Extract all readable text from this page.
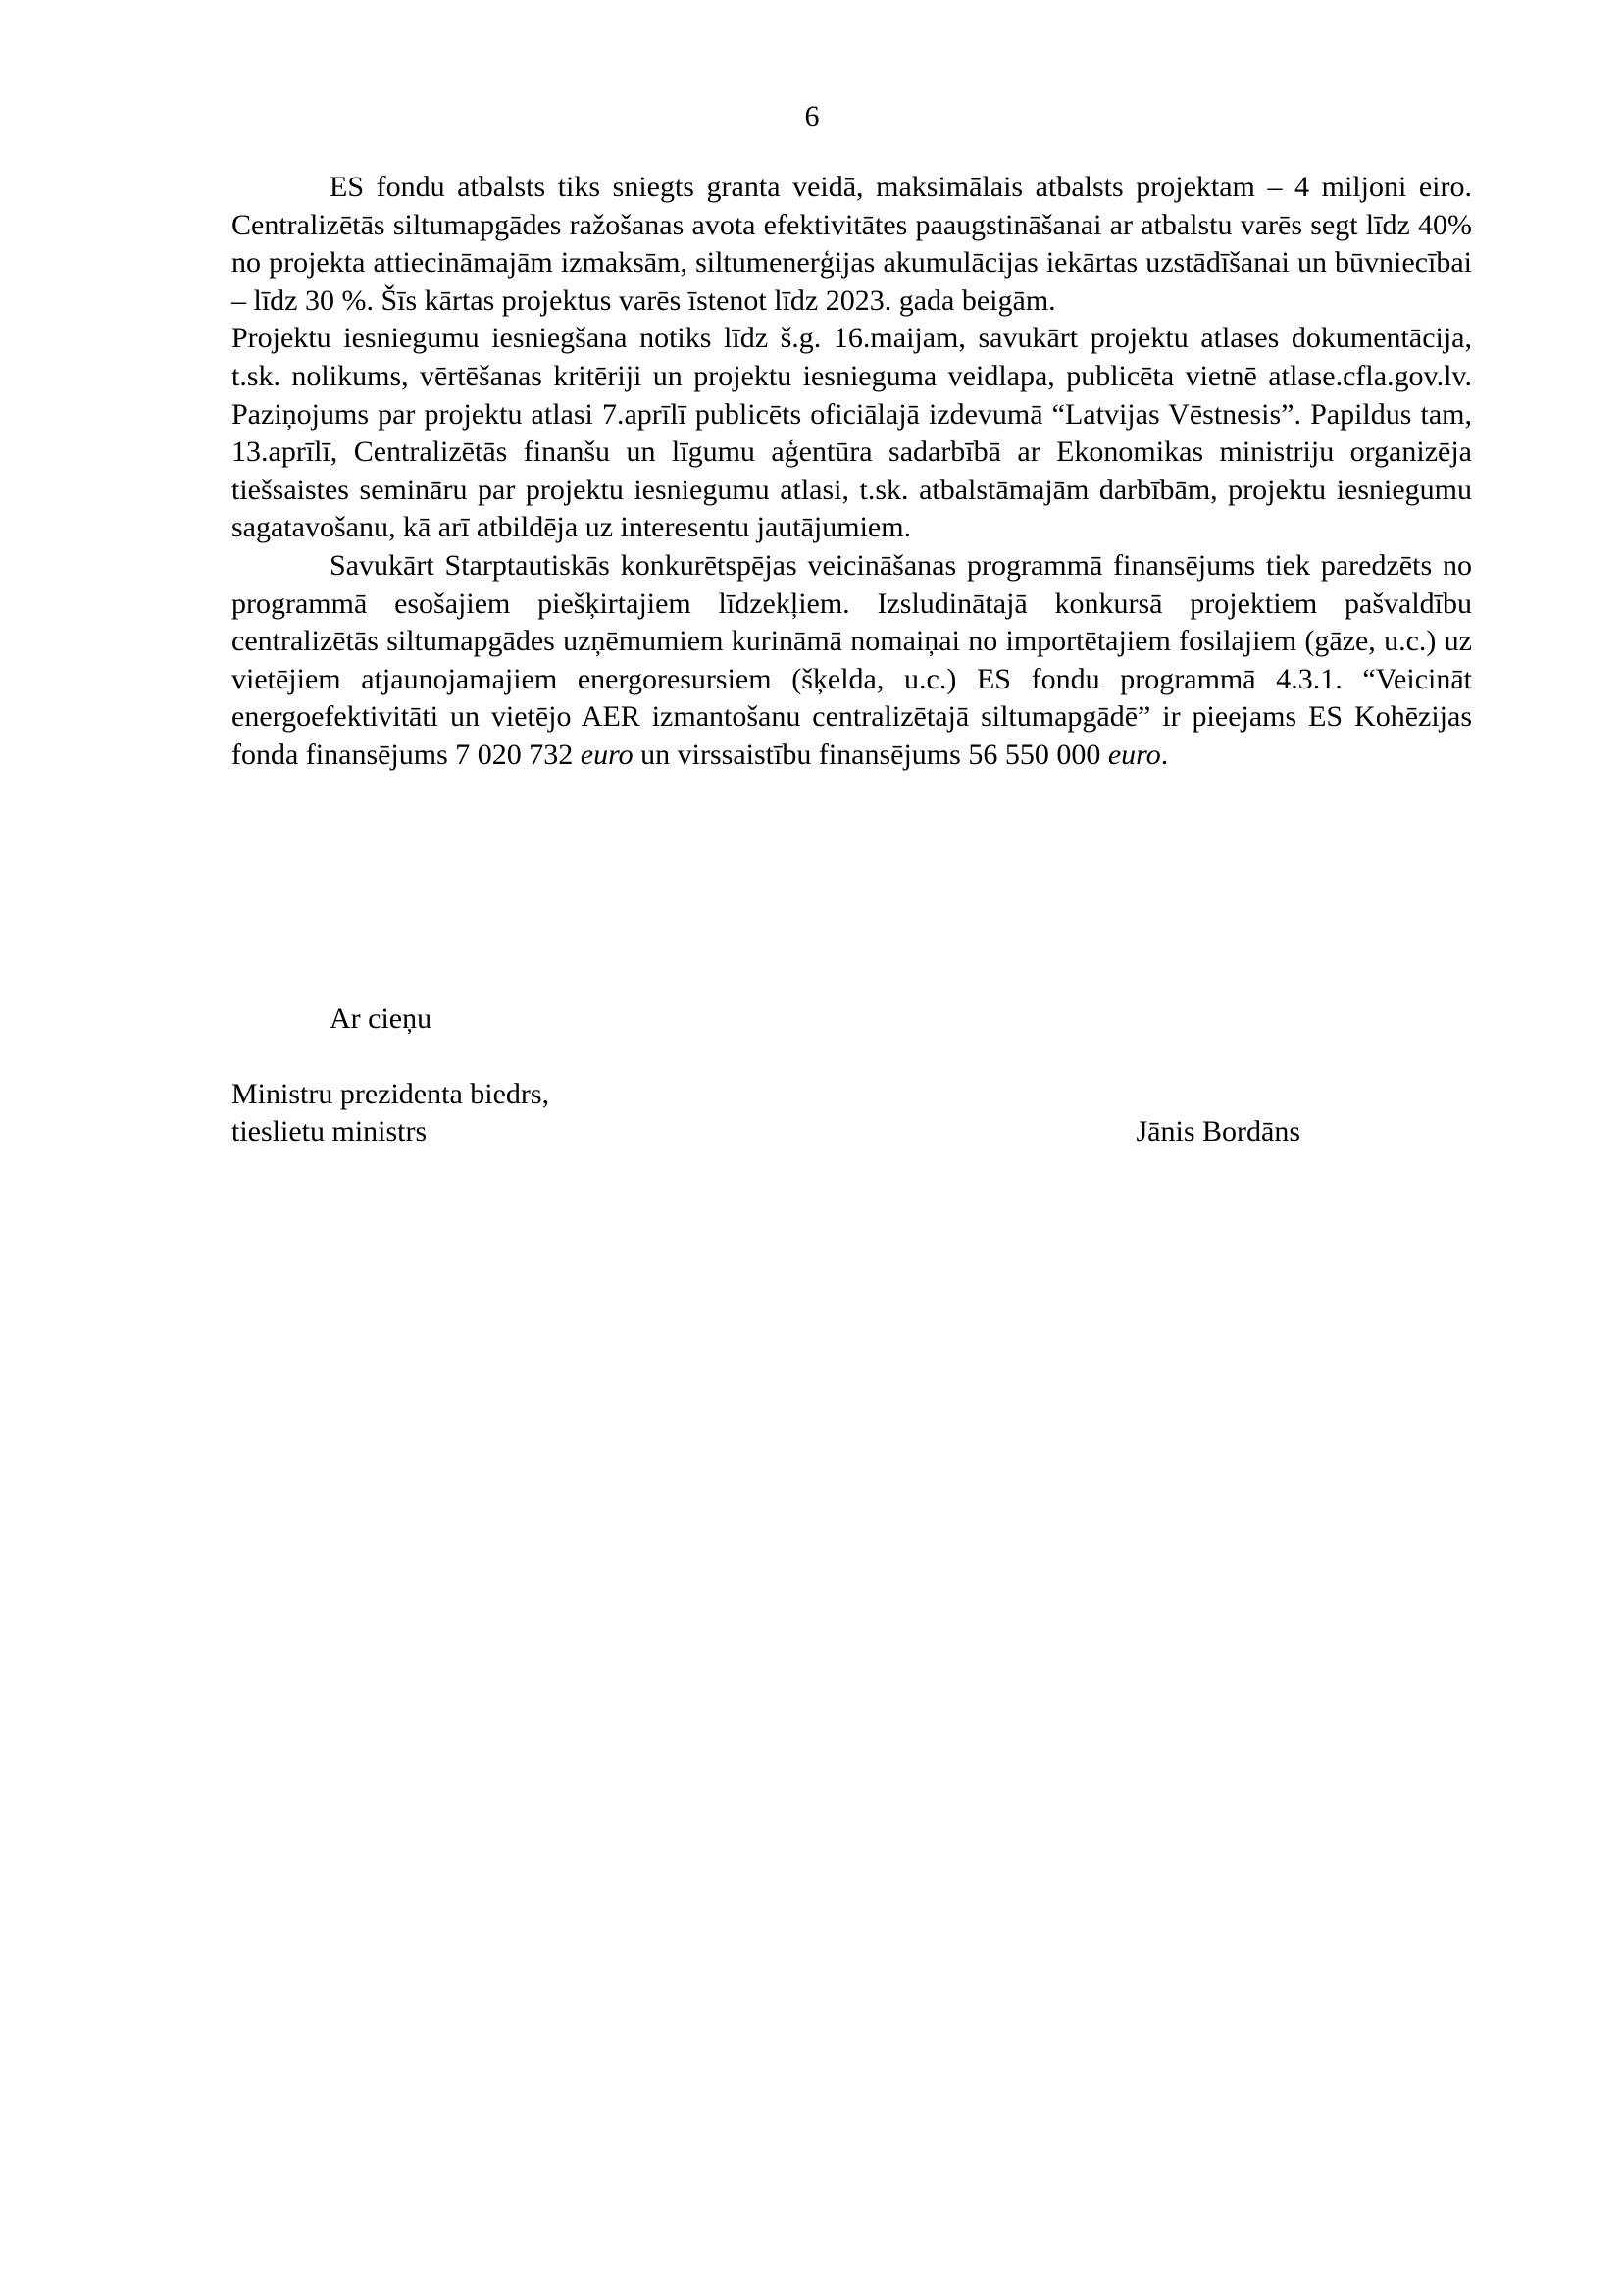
6

ES fondu atbalsts tiks sniegts granta veidā, maksimālais atbalsts projektam – 4 miljoni eiro. Centralizētās siltumapgādes ražošanas avota efektivitātes paaugstināšanai ar atbalstu varēs segt līdz 40% no projekta attiecināmajām izmaksām, siltumenerģijas akumulācijas iekārtas uzstādīšanai un būvniecībai – līdz 30 %. Šīs kārtas projektus varēs īstenot līdz 2023. gada beigām.

Projektu iesniegumu iesniegšana notiks līdz š.g. 16.maijam, savukārt projektu atlases dokumentācija, t.sk. nolikums, vērtēšanas kritēriji un projektu iesnieguma veidlapa, publicēta vietnē atlase.cfla.gov.lv. Paziņojums par projektu atlasi 7.aprīlī publicēts oficiālajā izdevumā “Latvijas Vēstnesis”. Papildus tam, 13.aprīlī, Centralizētās finanšu un līgumu aģentūra sadarbībā ar Ekonomikas ministriju organizēja tiešsaistes semināru par projektu iesniegumu atlasi, t.sk. atbalstāmajām darbībām, projektu iesniegumu sagatavošanu, kā arī atbildēja uz interesentu jautājumiem.

Savukārt Starptautiskās konkurētspējas veicināšanas programmā finansējums tiek paredzēts no programmā esošajiem piešķirtajiem līdzekļiem. Izsludinātajā konkursā projektiem pašvaldību centralizētās siltumapgādes uzņēmumiem kurināmā nomaiņai no importētajiem fosilajiem (gāze, u.c.) uz vietējiem atjaunojamajiem energoresursiem (šķelda, u.c.) ES fondu programmā 4.3.1. “Veicināt energoefektivitāti un vietējo AER izmantošanu centralizētajā siltumapgādē” ir pieejams ES Kohēzijas fonda finansējums 7 020 732 euro un virssaistību finansējums 56 550 000 euro.

Ar cieņu

Ministru prezidenta biedrs,
tieslietu ministrs	Jānis Bordāns
